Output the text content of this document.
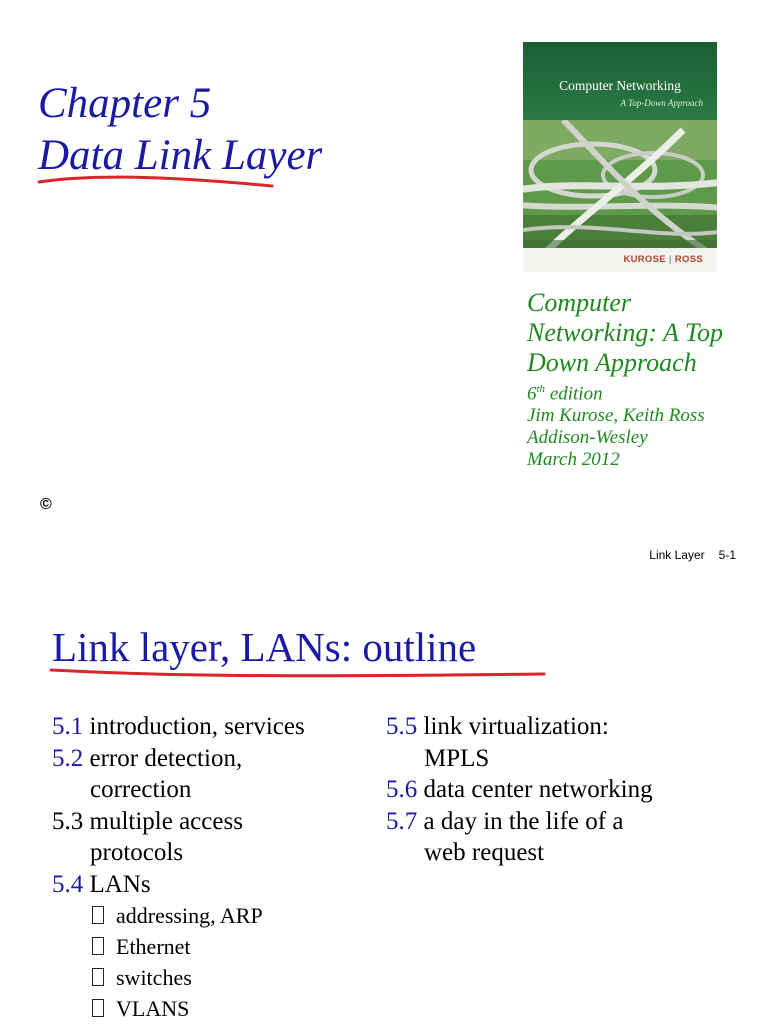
Chapter 5
Data Link Layer
Computer Networking
A Top-Down Approach
KUROSE | ROSS
Computer
Networking: A Top
Down Approach
6th edition
Jim Kurose, Keith Ross
Addison-Wesley
March 2012
©
Link Layer 5-1
Link layer, LANs: outline
5.1 introduction, services
5.2 error detection,
correction
5.3 multiple access
protocols
5.4 LANs
addressing, ARP
Ethernet
switches
VLANS
5.5 link virtualization:
MPLS
5.6 data center networking
5.7 a day in the life of a
web request
